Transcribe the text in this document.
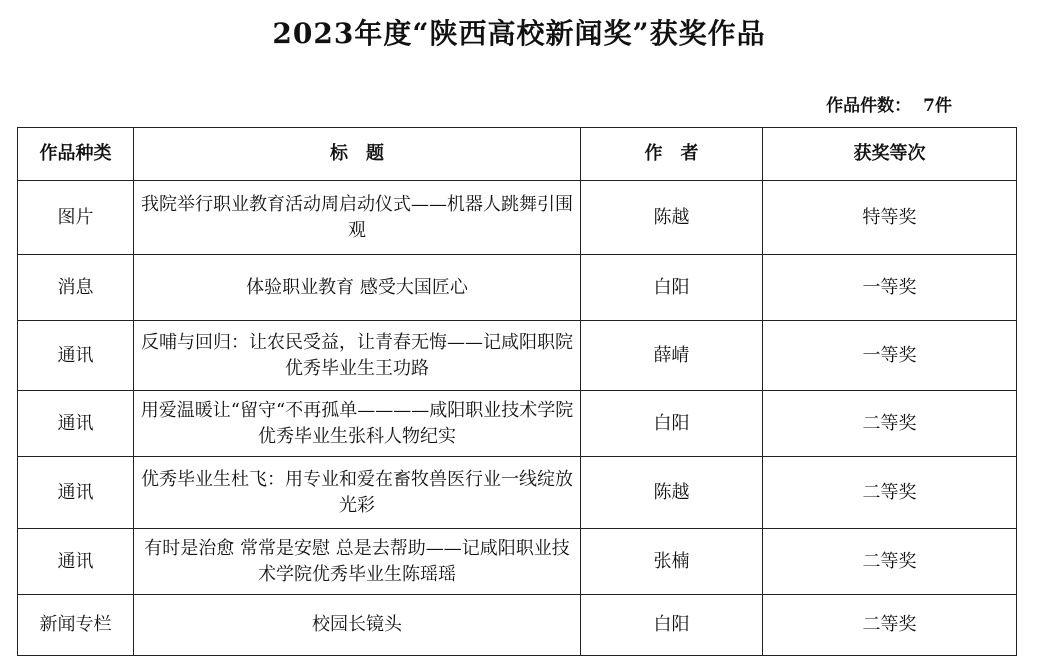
2023年度“陕西高校新闻奖”获奖作品
作品件数： 7件
作品种类	标　题	作　者	获奖等次
图片	我院举行职业教育活动周启动仪式——机器人跳舞引围观	陈越	特等奖
消息	体验职业教育 感受大国匠心	白阳	一等奖
通讯	反哺与回归：让农民受益，让青春无悔——记咸阳职院优秀毕业生王功路	薛崝	一等奖
通讯	用爱温暖让“留守“不再孤单————咸阳职业技术学院优秀毕业生张科人物纪实	白阳	二等奖
通讯	优秀毕业生杜飞：用专业和爱在畜牧兽医行业一线绽放光彩	陈越	二等奖
通讯	有时是治愈 常常是安慰 总是去帮助——记咸阳职业技术学院优秀毕业生陈瑶瑶	张楠	二等奖
新闻专栏	校园长镜头	白阳	二等奖
